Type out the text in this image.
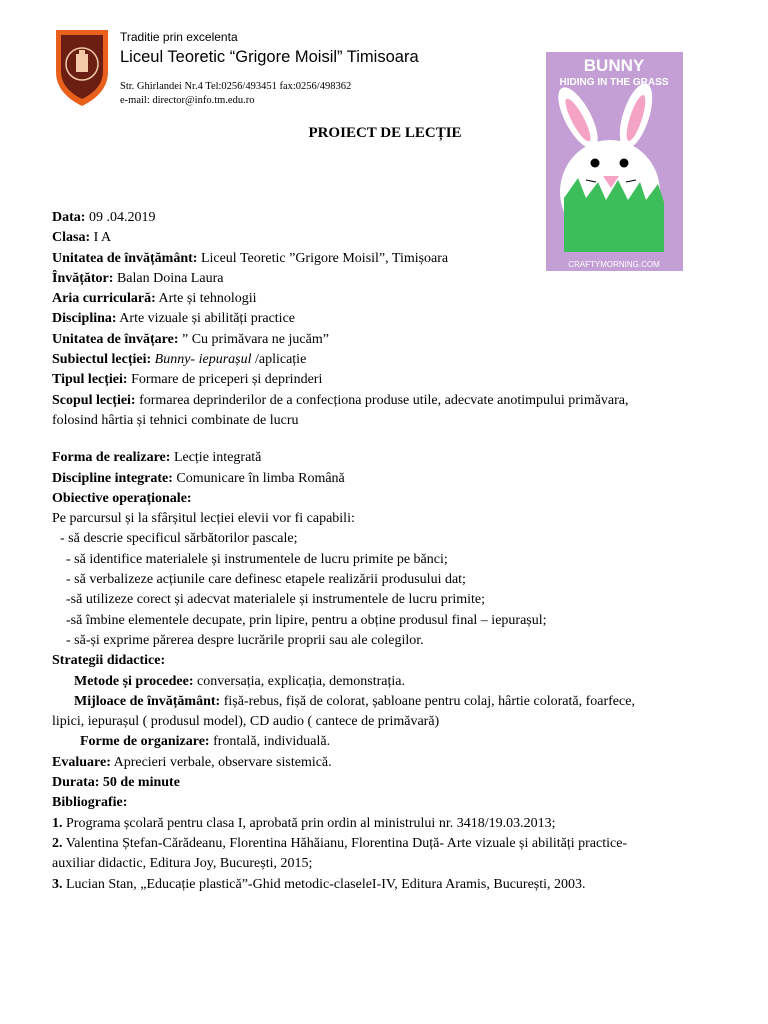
Traditie prin excelenta
Liceul Teoretic “Grigore Moisil” Timisoara
Str. Ghirlandei Nr.4 Tel:0256/493451 fax:0256/498362
e-mail: director@info.tm.edu.ro
PROIECT DE LECȚIE
BUNNY
HIDING IN THE GRASS
CRAFTYMORNING.COM
Data: 09 .04.2019
Clasa: I A
Unitatea de învățământ: Liceul Teoretic ”Grigore Moisil”, Timișoara
Învățător: Balan Doina Laura
Aria curriculară: Arte și tehnologii
Disciplina: Arte vizuale și abilități practice
Unitatea de învățare: ” Cu primăvara ne jucăm”
Subiectul lecției: Bunny- iepurașul /aplicație
Tipul lecției: Formare de priceperi și deprinderi
Scopul lecției: formarea deprinderilor de a confecționa produse utile, adecvate anotimpului primăvara,
folosind hârtia și tehnici combinate de lucru
Forma de realizare: Lecție integrată
Discipline integrate: Comunicare în limba Română
Obiective operaționale:
Pe parcursul și la sfârșitul lecției elevii vor fi capabili:
- să descrie specificul sărbătorilor pascale;
- să identifice materialele și instrumentele de lucru primite pe bănci;
- să verbalizeze acțiunile care definesc etapele realizării produsului dat;
-să utilizeze corect și adecvat materialele și instrumentele de lucru primite;
-să îmbine elementele decupate, prin lipire, pentru a obține produsul final – iepurașul;
- să-și exprime părerea despre lucrările proprii sau ale colegilor.
Strategii didactice:
Metode și procedee: conversația, explicația, demonstrația.
Mijloace de învățământ: fișă-rebus, fișă de colorat, șabloane pentru colaj, hârtie colorată, foarfece,
lipici, iepurașul ( produsul model), CD audio ( cantece de primăvară)
Forme de organizare: frontală, individuală.
Evaluare: Aprecieri verbale, observare sistemică.
Durata: 50 de minute
Bibliografie:
1. Programa școlară pentru clasa I, aprobată prin ordin al ministrului nr. 3418/19.03.2013;
2. Valentina Ștefan-Cărădeanu, Florentina Hăhăianu, Florentina Duță- Arte vizuale și abilități practice-
auxiliar didactic, Editura Joy, București, 2015;
3. Lucian Stan, „Educație plastică”-Ghid metodic-claseleI-IV, Editura Aramis, București, 2003.
